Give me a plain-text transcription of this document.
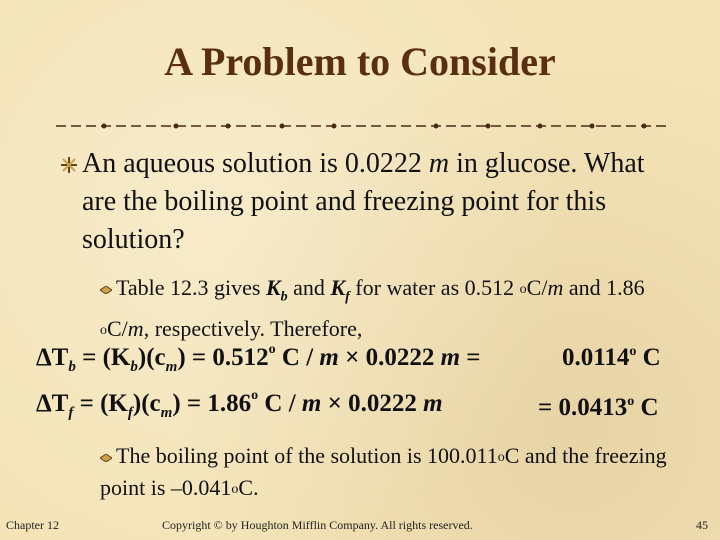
A Problem to Consider
An aqueous solution is 0.0222 m in glucose. What are the boiling point and freezing point for this solution?
Table 12.3 gives $K_b$ and $K_f$ for water as 0.512 $^o$C/m and 1.86 $^o$C/m, respectively. Therefore,
$\Delta T_b = (K_b)(c_m) = 0.512^o$ C / m × 0.0222 m =	$0.0114^o$ C
$\Delta T_f = (K_f)(c_m) = 1.86^o$ C / m × 0.0222 m	= $0.0413^o$ C
The boiling point of the solution is 100.011$^o$C and the freezing point is –0.041$^o$C.
Chapter 12	Copyright © by Houghton Mifflin Company. All rights reserved.	45
